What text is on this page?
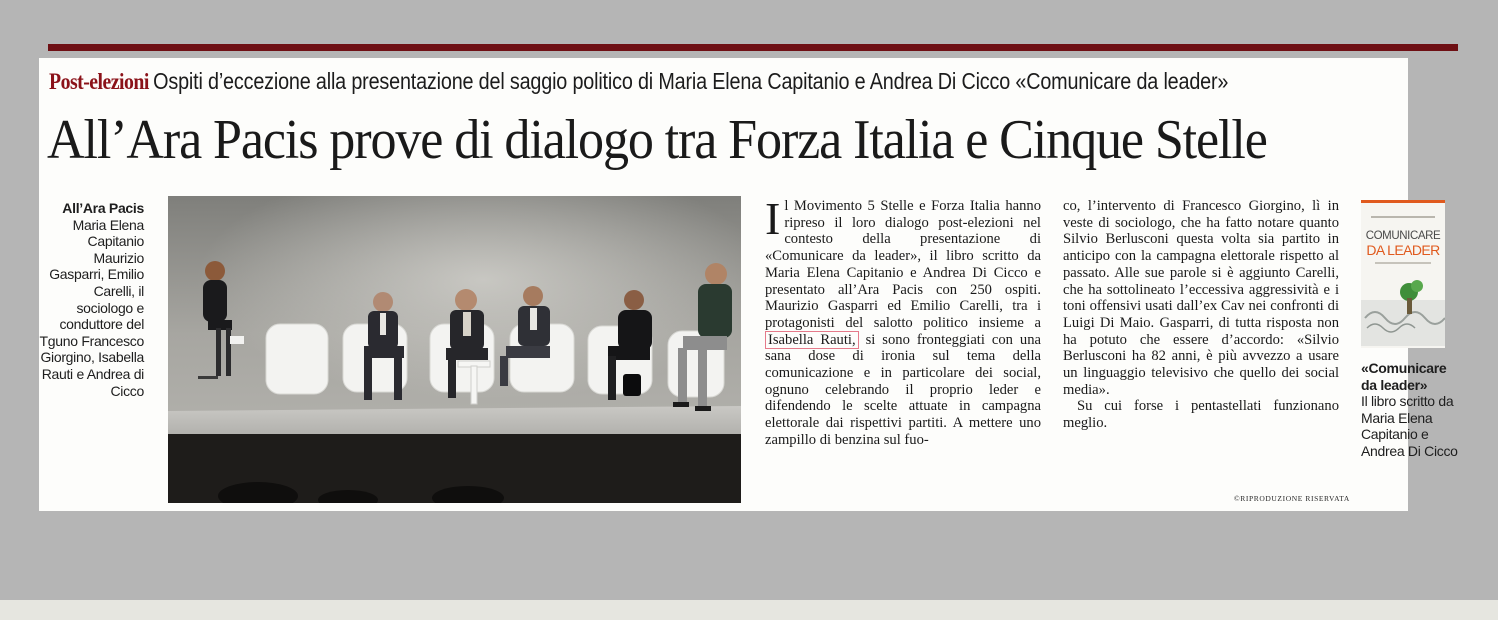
Post-elezioni Ospiti d’eccezione alla presentazione del saggio politico di Maria Elena Capitanio e Andrea Di Cicco «Comunicare da leader»
All’Ara Pacis prove di dialogo tra Forza Italia e Cinque Stelle
All’Ara Pacis
Maria Elena Capitanio Maurizio Gasparri, Emilio Carelli, il sociologo e conduttore del Tguno Francesco Giorgino, Isabella Rauti e Andrea di Cicco
Il Movimento 5 Stelle e Forza Italia hanno ripreso il loro dialogo post-elezioni nel contesto della presentazione di «Comunicare da leader», il libro scritto da Maria Elena Capitanio e Andrea Di Cicco e presentato all’Ara Pacis con 250 ospiti. Maurizio Gasparri ed Emilio Carelli, tra i protagonisti del salotto politico insieme a Isabella Rauti, si sono fronteggiati con una sana dose di ironia sul tema della comunicazione e in particolare dei social, ognuno celebrando il proprio leder e difendendo le scelte attuate in campagna elettorale dai rispettivi partiti. A mettere uno zampillo di benzina sul fuo-
co, l’intervento di Francesco Giorgino, lì in veste di sociologo, che ha fatto notare quanto Silvio Berlusconi questa volta sia partito in anticipo con la campagna elettorale rispetto al passato. Alle sue parole si è aggiunto Carelli, che ha sottolineato l’eccessiva aggressività e i toni offensivi usati dall’ex Cav nei confronti di Luigi Di Maio. Gasparri, di tutta risposta non ha potuto che essere d’accordo: «Silvio Berlusconi ha 82 anni, è più avvezzo a usare un linguaggio televisivo che quello dei social media».
Su cui forse i pentastellati funzionano meglio.
©RIPRODUZIONE RISERVATA
COMUNICARE
DA LEADER
«Comunicare da leader»
Il libro scritto da Maria Elena Capitanio e Andrea Di Cicco
